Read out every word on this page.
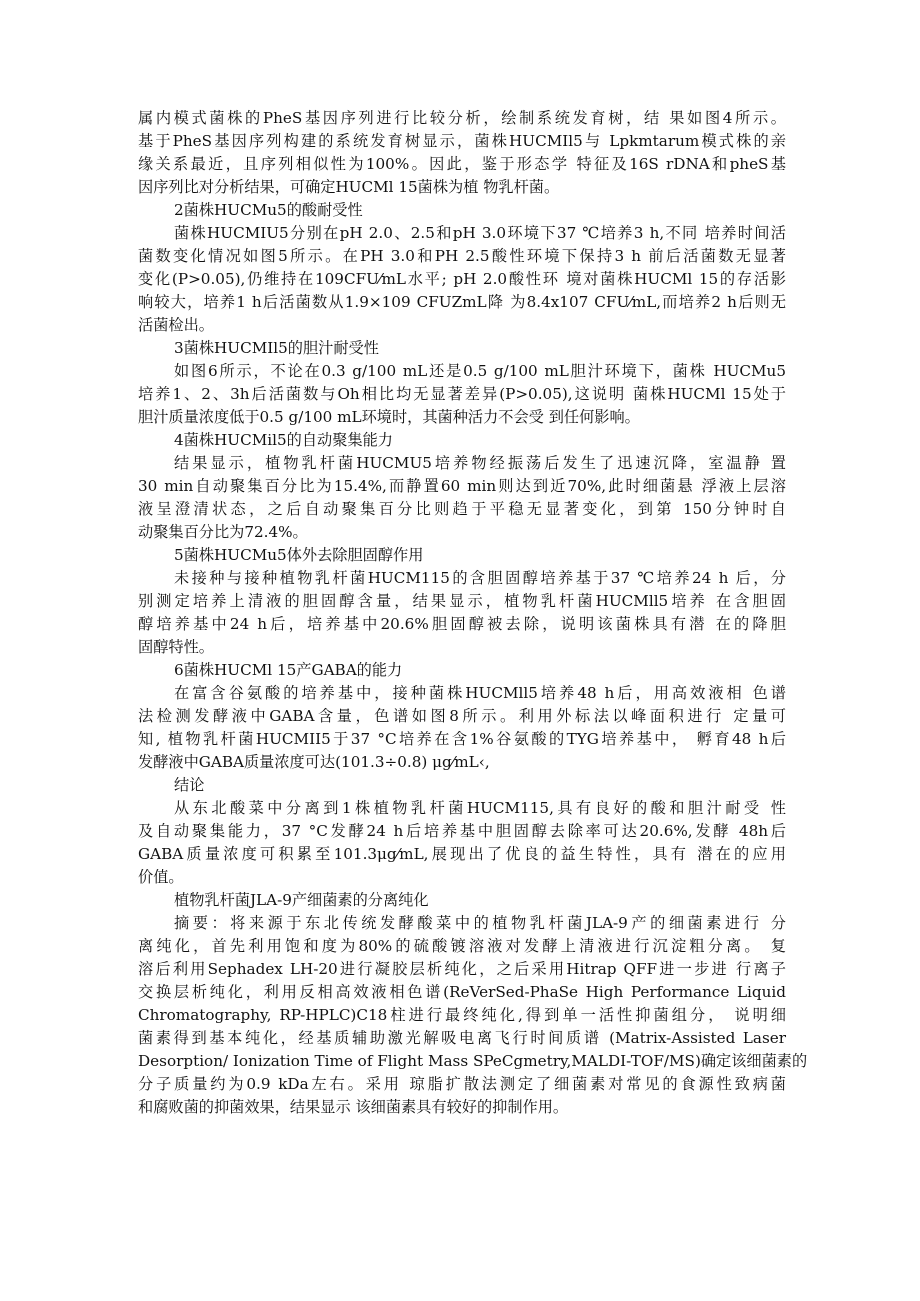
属内模式菌株的PheS基因序列进行比较分析，绘制系统发育树，结 果如图4所示。
基于PheS基因序列构建的系统发育树显示，菌株HUCMIl5与 Lpkmtarum模式株的亲
缘关系最近，且序列相似性为100%。因此，鉴于形态学 特征及16S rDNA和pheS基
因序列比对分析结果，可确定HUCMl 15菌株为植 物乳杆菌。
2菌株HUCMu5的酸耐受性
菌株HUCMIU5分别在pH 2.0、2.5和pH 3.0环境下37 ℃培养3 h,不同 培养时间活
菌数变化情况如图5所示。在PH 3.0和PH 2.5酸性环境下保持3 h 前后活菌数无显著
变化(P>0.05),仍维持在109CFU⁄mL水平; pH 2.0酸性环 境对菌株HUCMl 15的存活影
响较大，培养1 h后活菌数从1.9×109 CFUZmL降 为8.4x107 CFU⁄mL,而培养2 h后则无
活菌检出。
3菌株HUCMIl5的胆汁耐受性
如图6所示，不论在0.3 g/100 mL还是0.5 g/100 mL胆汁环境下，菌株 HUCMu5
培养1、2、3h后活菌数与Oh相比均无显著差异(P>0.05),这说明 菌株HUCMl 15处于
胆汁质量浓度低于0.5 g/100 mL环境时，其菌种活力不会受 到任何影响。
4菌株HUCMil5的自动聚集能力
结果显示，植物乳杆菌HUCMU5培养物经振荡后发生了迅速沉降，室温静 置
30 min自动聚集百分比为15.4%,而静置60 min则达到近70%,此时细菌悬 浮液上层溶
液呈澄清状态，之后自动聚集百分比则趋于平稳无显著变化，到第 150分钟时自
动聚集百分比为72.4%。
5菌株HUCMu5体外去除胆固醇作用
未接种与接种植物乳杆菌HUCM115的含胆固醇培养基于37 ℃培养24 h 后，分
别测定培养上清液的胆固醇含量，结果显示，植物乳杆菌HUCMll5培养 在含胆固
醇培养基中24 h后，培养基中20.6%胆固醇被去除，说明该菌株具有潜 在的降胆
固醇特性。
6菌株HUCMl 15产GABA的能力
在富含谷氨酸的培养基中，接种菌株HUCMll5培养48 h后，用高效液相 色谱
法检测发酵液中GABA含量，色谱如图8所示。利用外标法以峰面积进行 定量可
知, 植物乳杆菌HUCMII5于37 °C培养在含1%谷氨酸的TYG培养基中， 孵育48 h后
发酵液中GABA质量浓度可达(101.3÷0.8) μg⁄mL‹,
结论
从东北酸菜中分离到1株植物乳杆菌HUCM115,具有良好的酸和胆汁耐受 性
及自动聚集能力，37 °C发酵24 h后培养基中胆固醇去除率可达20.6%,发酵 48h后
GABA质量浓度可积累至101.3μg⁄mL,展现出了优良的益生特性，具有 潜在的应用
价值。
植物乳杆菌JLA-9产细菌素的分离纯化
摘要：将来源于东北传统发酵酸菜中的植物乳杆菌JLA-9产的细菌素进行 分
离纯化，首先利用饱和度为80%的硫酸镀溶液对发酵上清液进行沉淀粗分离。 复
溶后利用Sephadex LH-20进行凝胶层析纯化，之后采用Hitrap QFF进一步进 行离子
交换层析纯化，利用反相高效液相色谱(ReVerSed-PhaSe High Performance Liquid
Chromatography, RP-HPLC)C18柱进行最终纯化,得到单一活性抑菌组分， 说明细
菌素得到基本纯化，经基质辅助激光解吸电离飞行时间质谱 (Matrix-Assisted Laser
Desorption/ Ionization Time of Flight Mass SPeCgmetry,MALDI-TOF/MS)确定该细菌素的
分子质量约为0.9 kDa左右。采用 琼脂扩散法测定了细菌素对常见的食源性致病菌
和腐败菌的抑菌效果，结果显示 该细菌素具有较好的抑制作用。
